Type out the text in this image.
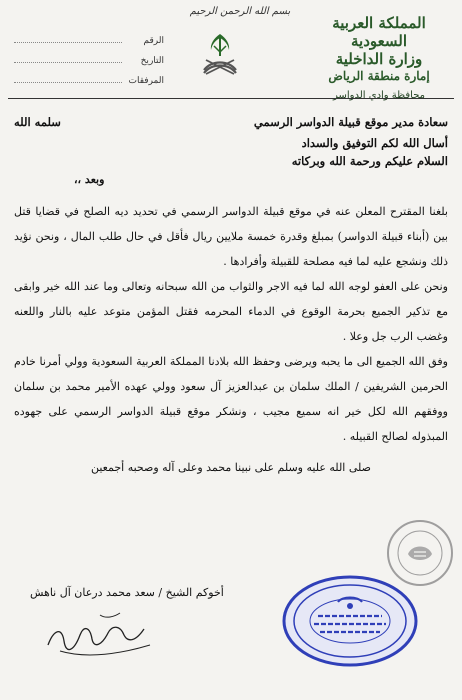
بسم الله الرحمن الرحيم
المملكة العربية السعودية
وزارة الداخلية
إمارة منطقة الرياض
محافظة وادي الدواسر
الرقم
التاريخ
المرفقات
سعادة مدير موقع قبيلة الدواسر الرسمي
سلمه الله
أسال الله لكم التوفيق والسداد
السلام عليكم ورحمة الله وبركاته
وبعد ،،
بلغنا المقترح المعلن عنه في موقع قبيلة الدواسر الرسمي في تحديد ديه الصلح في قضايا قتل بين (أبناء قبيلة الدواسر) بمبلغ وقدرة خمسة ملايين ريال فأقل في حال طلب المال ، ونحن نؤيد ذلك ونشجع عليه لما فيه مصلحة للقبيلة وأفرادها .
ونحن على العفو لوجه الله لما فيه الاجر والثواب من الله سبحانه وتعالى وما عند الله خير وابقى مع تذكير الجميع بحرمة الوقوع في الدماء المحرمه فقتل المؤمن متوعد عليه بالنار واللعنه وغضب الرب جل وعلا .
وفق الله الجميع الى ما يحبه ويرضى وحفظ الله بلادنا المملكة العربية السعودية وولي أمرنا خادم الحرمين الشريفين / الملك سلمان بن عبدالعزيز آل سعود وولي عهده الأمير محمد بن سلمان ووفقهم الله لكل خير انه سميع مجيب ، ونشكر موقع قبيلة الدواسر الرسمي على جهوده المبذوله لصالح القبيله .
صلى الله عليه وسلم على نبينا محمد وعلى آله وصحبه أجمعين
أخوكم الشيخ / سعد محمد درعان آل ناهش
